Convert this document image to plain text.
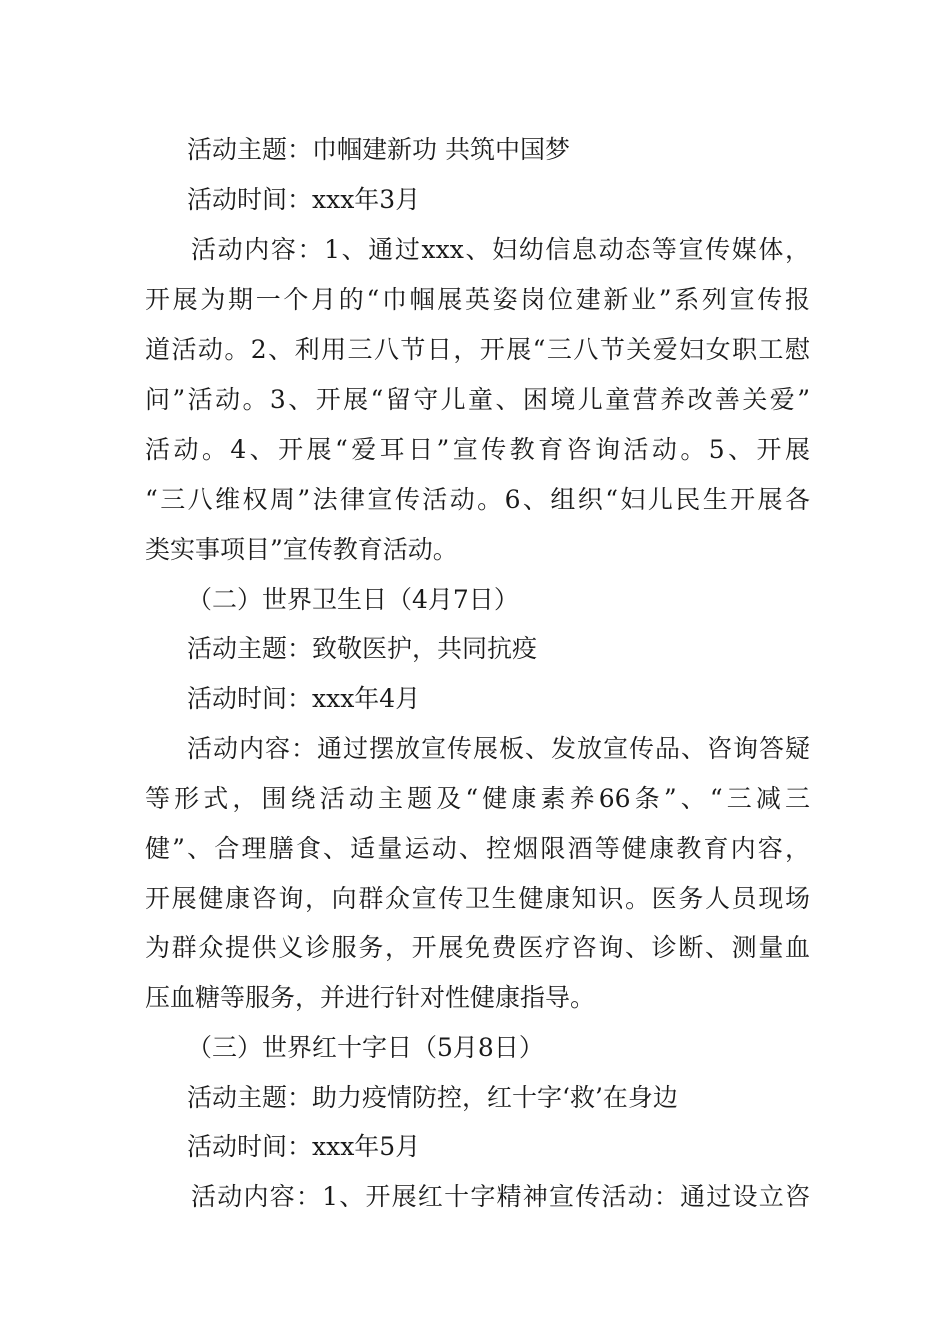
活动主题：巾帼建新功 共筑中国梦
活动时间：xxx年3月
活动内容：1、通过xxx、妇幼信息动态等宣传媒体，
开展为期一个月的“巾帼展英姿岗位建新业”系列宣传报
道活动。2、利用三八节日，开展“三八节关爱妇女职工慰
问”活动。3、开展“留守儿童、困境儿童营养改善关爱”
活动。4、开展“爱耳日”宣传教育咨询活动。5、开展
“三八维权周”法律宣传活动。6、组织“妇儿民生开展各
类实事项目”宣传教育活动。
（二）世界卫生日（4月7日）
活动主题：致敬医护，共同抗疫
活动时间：xxx年4月
活动内容：通过摆放宣传展板、发放宣传品、咨询答疑
等形式，围绕活动主题及“健康素养66条”、“三减三
健”、合理膳食、适量运动、控烟限酒等健康教育内容，
开展健康咨询，向群众宣传卫生健康知识。医务人员现场
为群众提供义诊服务，开展免费医疗咨询、诊断、测量血
压血糖等服务，并进行针对性健康指导。
（三）世界红十字日（5月8日）
活动主题：助力疫情防控，红十字‘救’在身边
活动时间：xxx年5月
活动内容：1、开展红十字精神宣传活动：通过设立咨
